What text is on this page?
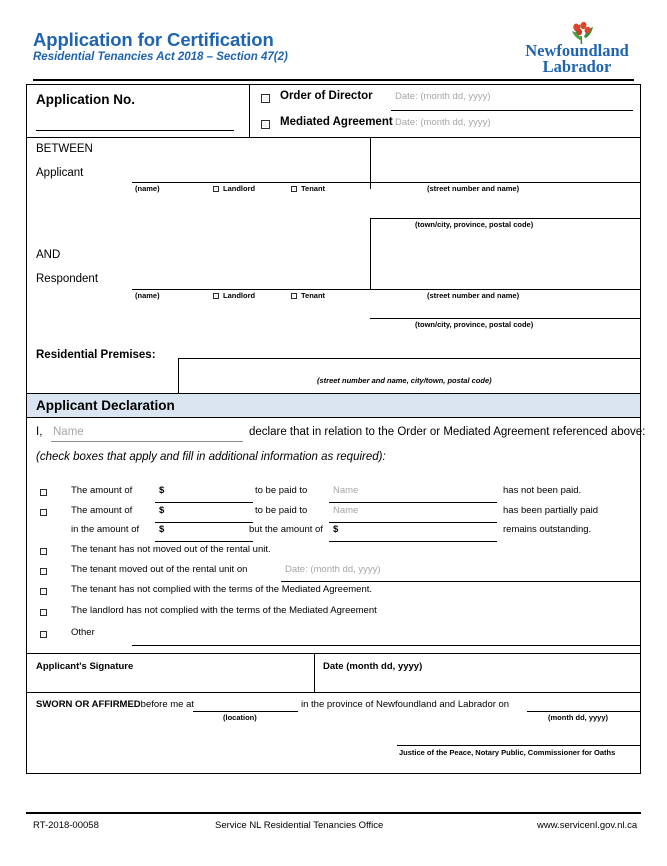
Application for Certification
Residential Tenancies Act 2018 – Section 47(2)	Newfoundland
Labrador
Application No.	Order of Director Date: (month dd, yyyy)
Mediated Agreement Date: (month dd, yyyy)
BETWEEN
Applicant
(name)	Landlord	Tenant	(street number and name)
(town/city, province, postal code)
AND
Respondent
(name)	Landlord	Tenant	(street number and name)
(town/city, province, postal code)
Residential Premises:
(street number and name, city/town, postal code)
Applicant Declaration
I, Name	declare that in relation to the Order or Mediated Agreement referenced above:
(check boxes that apply and fill in additional information as required):
The amount of	$	to be paid to	Name	has not been paid.
The amount of	$	to be paid to	Name	has been partially paid
in the amount of $	but the amount of $	remains outstanding.
The tenant has not moved out of the rental unit.
The tenant moved out of the rental unit on	Date: (month dd, yyyy)
The tenant has not complied with the terms of the Mediated Agreement.
The landlord has not complied with the terms of the Mediated Agreement
Other
Applicant's Signature	Date (month dd, yyyy)
SWORN OR AFFIRMEDbefore me at
(location)
in the province of Newfoundland and Labrador on
(month dd, yyyy)
Justice of the Peace, Notary Public, Commissioner for Oaths
RT-2018-00058	Service NL Residential Tenancies Office	www.servicenl.gov.nl.ca
